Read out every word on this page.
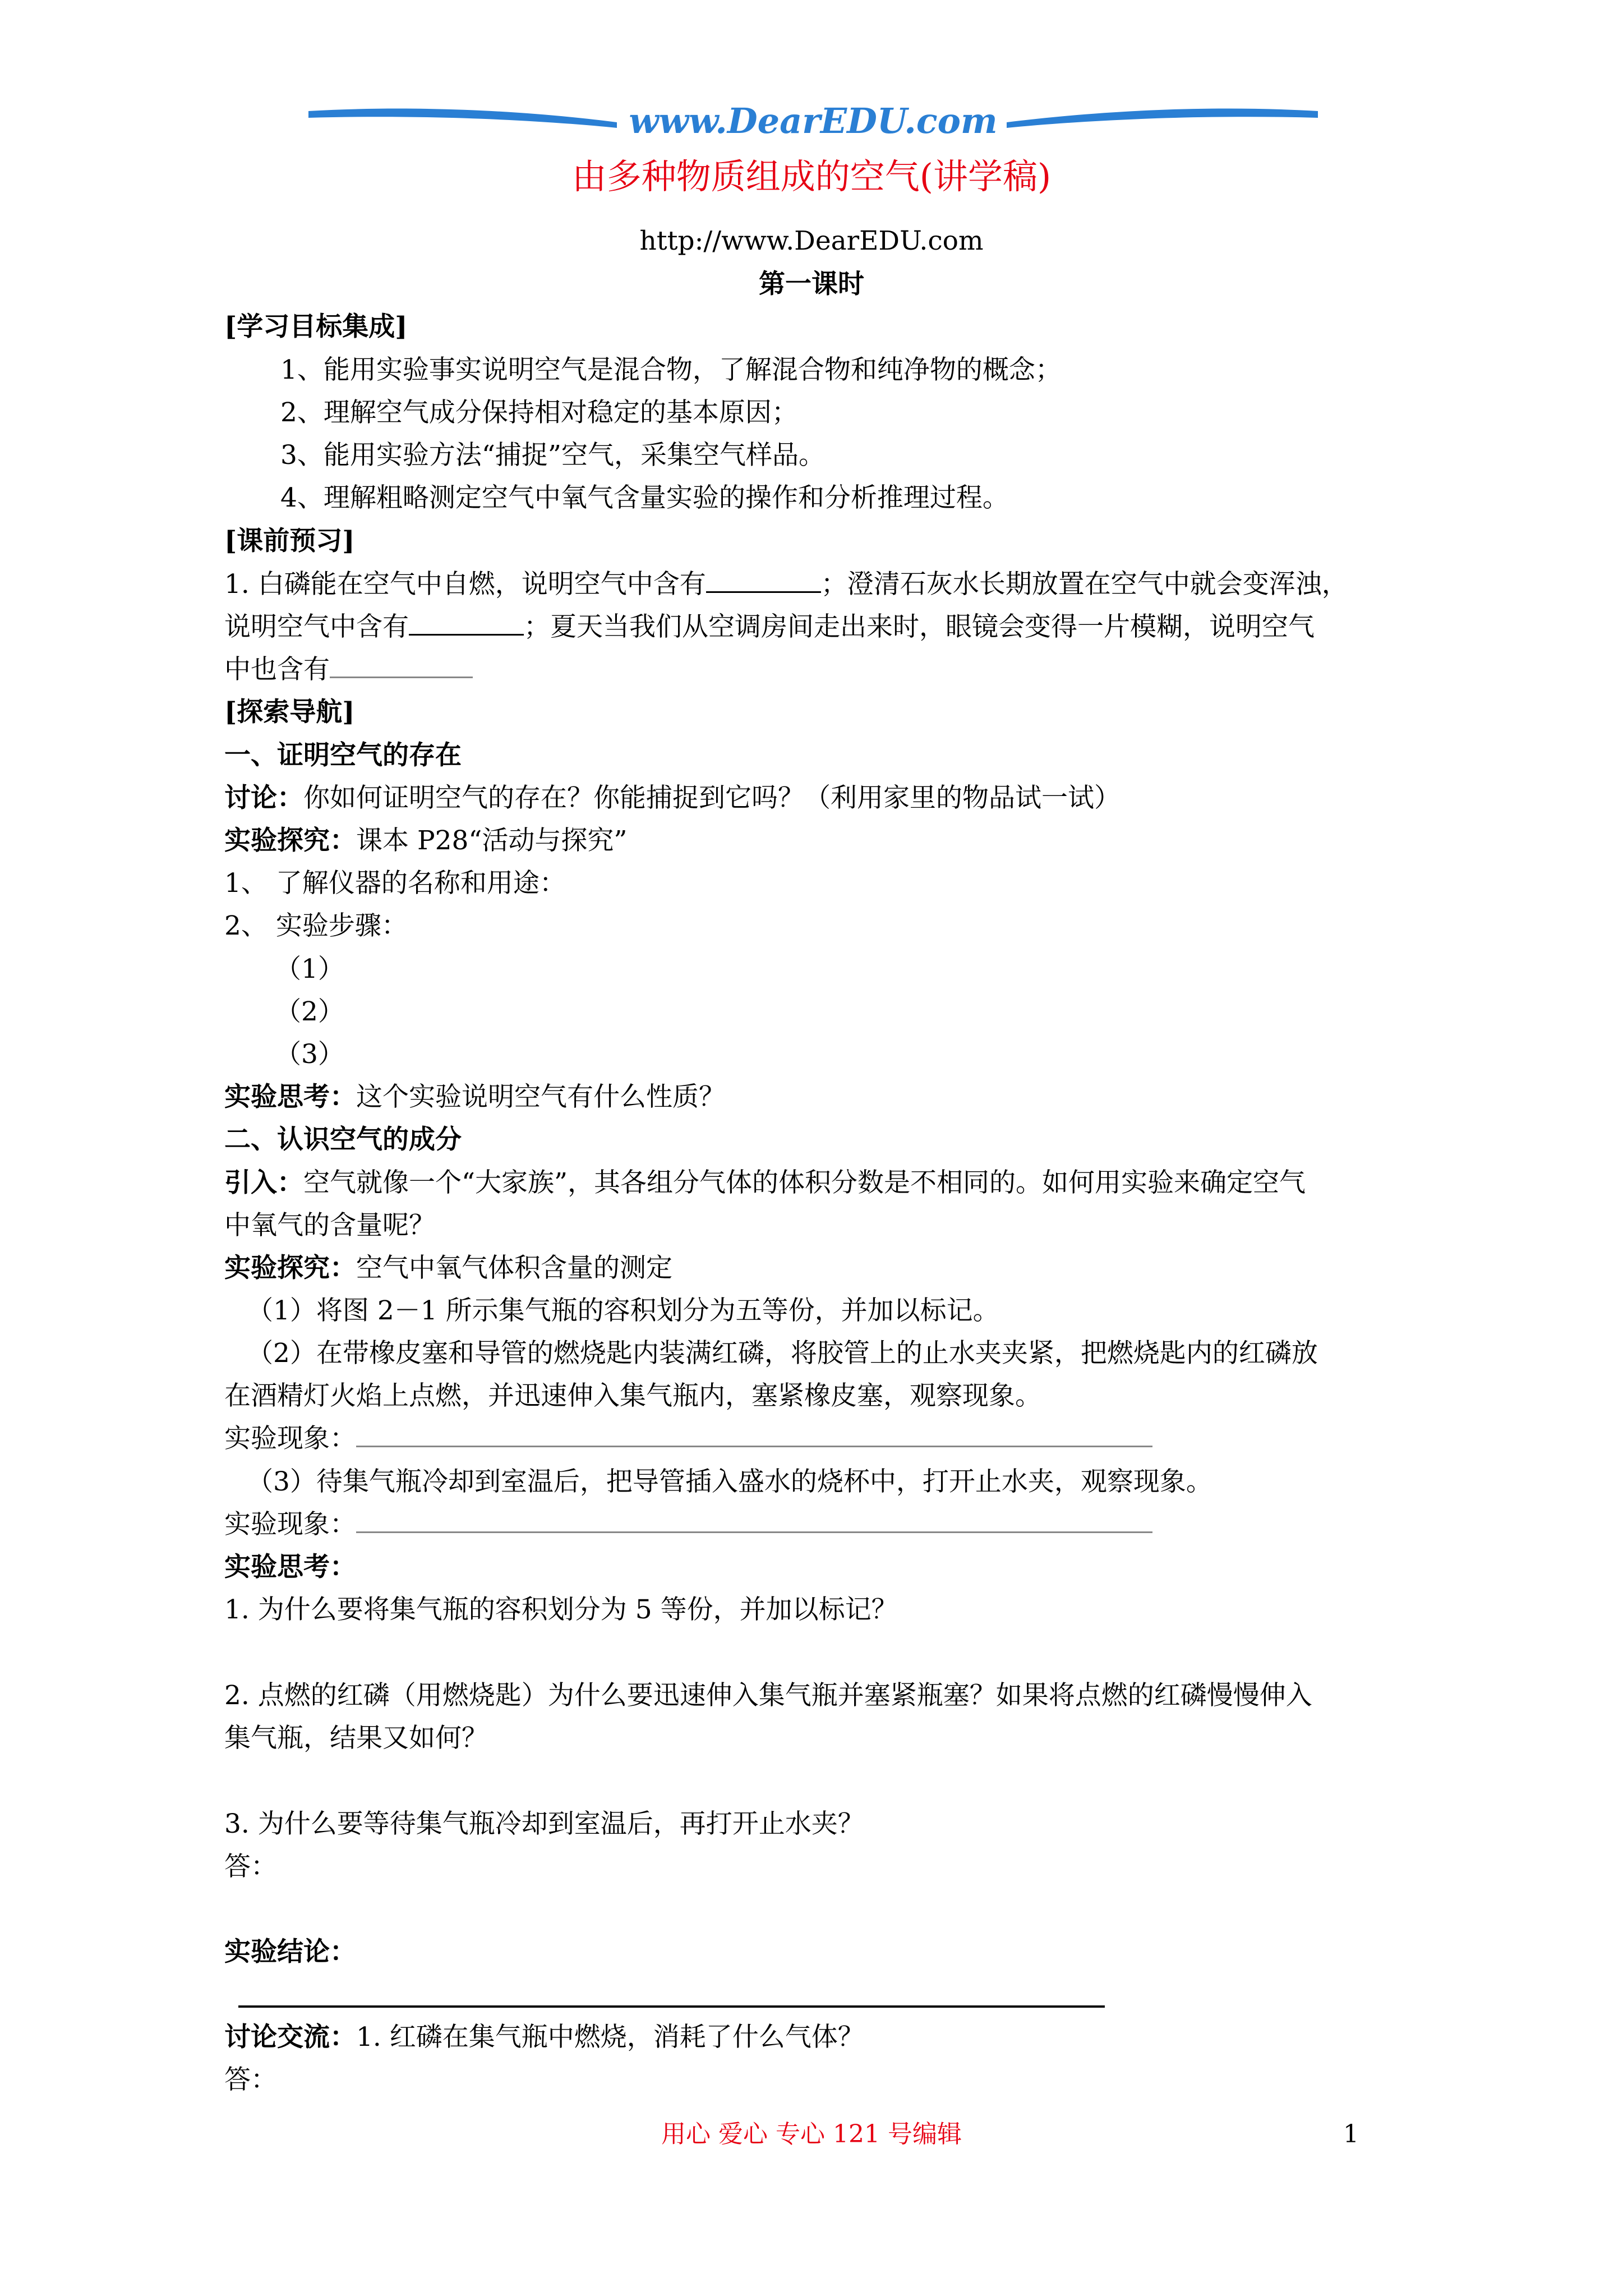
www.DearEDU.com
由多种物质组成的空气(讲学稿)
http://www.DearEDU.com
第一课时
[学习目标集成]
1、能用实验事实说明空气是混合物，了解混合物和纯净物的概念；
2、理解空气成分保持相对稳定的基本原因；
3、能用实验方法“捕捉”空气，采集空气样品。
4、理解粗略测定空气中氧气含量实验的操作和分析推理过程。
[课前预习]
1. 白磷能在空气中自燃，说明空气中含有	；澄清石灰水长期放置在空气中就会变浑浊，
说明空气中含有	；夏天当我们从空调房间走出来时，眼镜会变得一片模糊，说明空气
中也含有
[探索导航]
一、证明空气的存在
讨论：你如何证明空气的存在？你能捕捉到它吗？（利用家里的物品试一试）
实验探究：课本 P28“活动与探究”
1、 了解仪器的名称和用途：
2、 实验步骤：
（1）
（2）
（3）
实验思考：这个实验说明空气有什么性质？
二、认识空气的成分
引入：空气就像一个“大家族”，其各组分气体的体积分数是不相同的。如何用实验来确定空气
中氧气的含量呢？
实验探究：空气中氧气体积含量的测定
（1）将图 2－1 所示集气瓶的容积划分为五等份，并加以标记。
（2）在带橡皮塞和导管的燃烧匙内装满红磷，将胶管上的止水夹夹紧，把燃烧匙内的红磷放
在酒精灯火焰上点燃，并迅速伸入集气瓶内，塞紧橡皮塞，观察现象。
实验现象：
（3）待集气瓶冷却到室温后，把导管插入盛水的烧杯中，打开止水夹，观察现象。
实验现象：
实验思考：
1. 为什么要将集气瓶的容积划分为 5 等份，并加以标记？
2. 点燃的红磷（用燃烧匙）为什么要迅速伸入集气瓶并塞紧瓶塞？如果将点燃的红磷慢慢伸入
集气瓶，结果又如何？
3. 为什么要等待集气瓶冷却到室温后，再打开止水夹？
答：
实验结论：
讨论交流：1. 红磷在集气瓶中燃烧，消耗了什么气体？
答：
用心 爱心 专心 121 号编辑	1
